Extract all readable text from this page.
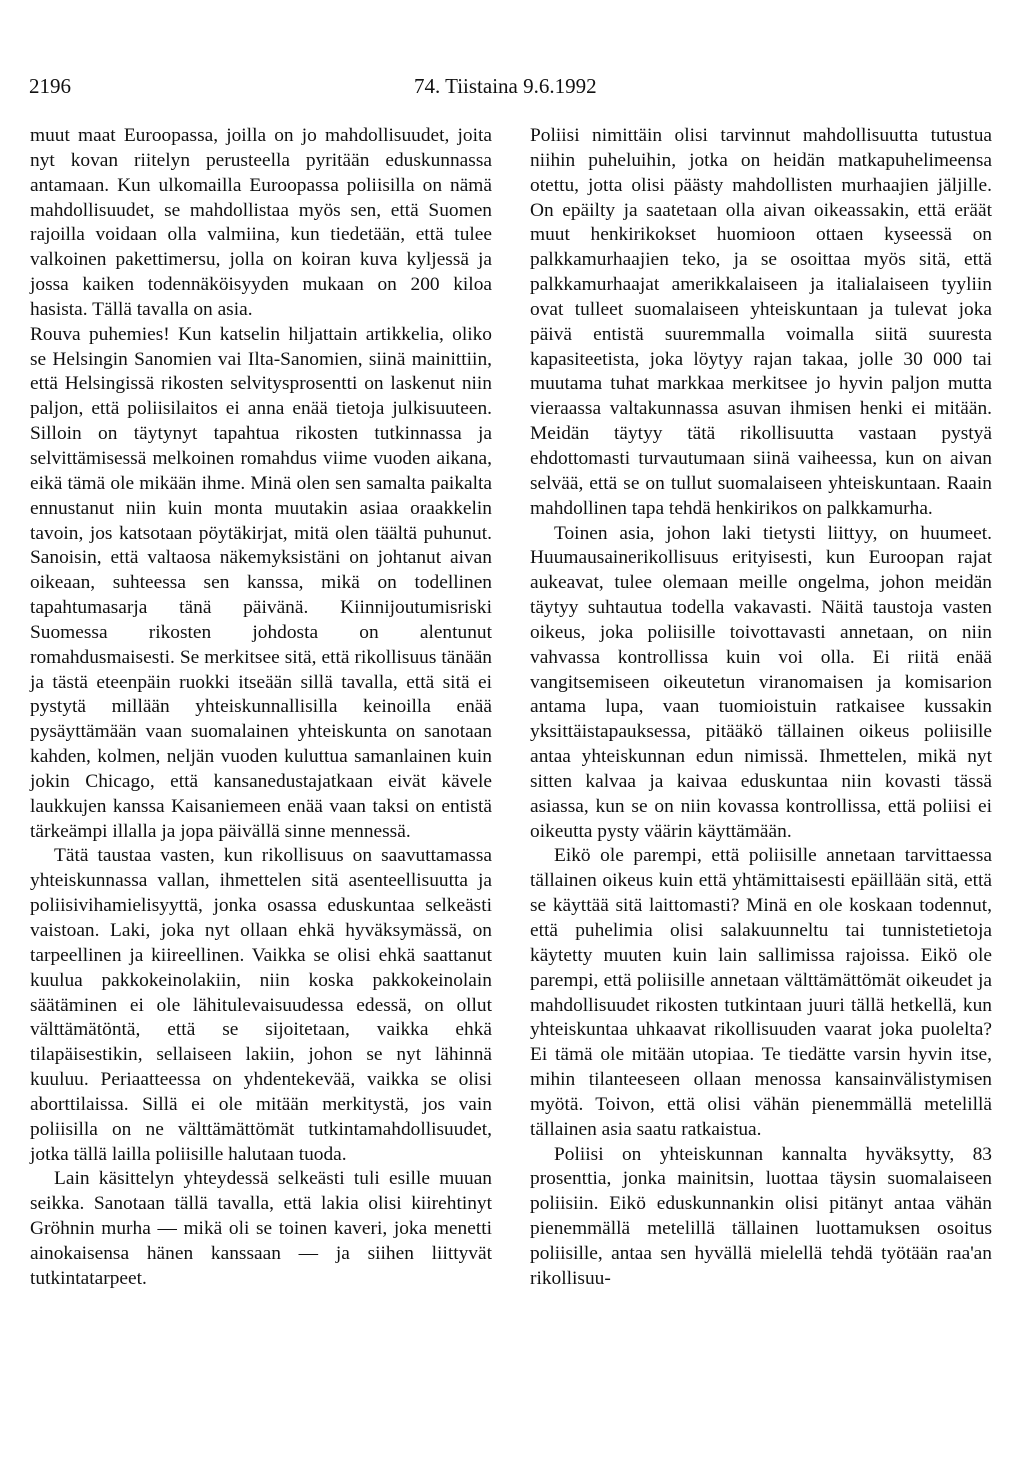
2196	74. Tiistaina 9.6.1992

muut maat Euroopassa, joilla on jo mahdollisuudet, joita nyt kovan riitelyn perusteella pyritään eduskunnassa antamaan. Kun ulkomailla Euroopassa poliisilla on nämä mahdollisuudet, se mahdollistaa myös sen, että Suomen rajoilla voidaan olla valmiina, kun tiedetään, että tulee valkoinen pakettimersu, jolla on koiran kuva kyljessä ja jossa kaiken todennäköisyyden mukaan on 200 kiloa hasista. Tällä tavalla on asia.

Rouva puhemies! Kun katselin hiljattain artikkelia, oliko se Helsingin Sanomien vai Ilta-Sanomien, siinä mainittiin, että Helsingissä rikosten selvitysprosentti on laskenut niin paljon, että poliisilaitos ei anna enää tietoja julkisuuteen. Silloin on täytynyt tapahtua rikosten tutkinnassa ja selvittämisessä melkoinen romahdus viime vuoden aikana, eikä tämä ole mikään ihme. Minä olen sen samalta paikalta ennustanut niin kuin monta muutakin asiaa oraakkelin tavoin, jos katsotaan pöytäkirjat, mitä olen täältä puhunut. Sanoisin, että valtaosa näkemyksistäni on johtanut aivan oikeaan, suhteessa sen kanssa, mikä on todellinen tapahtumasarja tänä päivänä. Kiinnijoutumisriski Suomessa rikosten johdosta on alentunut romahdusmaisesti. Se merkitsee sitä, että rikollisuus tänään ja tästä eteenpäin ruokki itseään sillä tavalla, että sitä ei pystytä millään yhteiskunnallisilla keinoilla enää pysäyttämään vaan suomalainen yhteiskunta on sanotaan kahden, kolmen, neljän vuoden kuluttua samanlainen kuin jokin Chicago, että kansanedustajatkaan eivät kävele laukkujen kanssa Kaisaniemeen enää vaan taksi on entistä tärkeämpi illalla ja jopa päivällä sinne mennessä.

Tätä taustaa vasten, kun rikollisuus on saavuttamassa yhteiskunnassa vallan, ihmettelen sitä asenteellisuutta ja poliisivihamielisyyttä, jonka osassa eduskuntaa selkeästi vaistoan. Laki, joka nyt ollaan ehkä hyväksymässä, on tarpeellinen ja kiireellinen. Vaikka se olisi ehkä saattanut kuulua pakkokeinolakiin, niin koska pakkokeinolain säätäminen ei ole lähitulevaisuudessa edessä, on ollut välttämätöntä, että se sijoitetaan, vaikka ehkä tilapäisestikin, sellaiseen lakiin, johon se nyt lähinnä kuuluu. Periaatteessa on yhdentekevää, vaikka se olisi aborttilaissa. Sillä ei ole mitään merkitystä, jos vain poliisilla on ne välttämättömät tutkintamahdollisuudet, jotka tällä lailla poliisille halutaan tuoda.

Lain käsittelyn yhteydessä selkeästi tuli esille muuan seikka. Sanotaan tällä tavalla, että lakia olisi kiirehtinyt Gröhnin murha — mikä oli se toinen kaveri, joka menetti ainokaisensa hänen kanssaan — ja siihen liittyvät tutkintatarpeet.

Poliisi nimittäin olisi tarvinnut mahdollisuutta tutustua niihin puheluihin, jotka on heidän matkapuhelimeensa otettu, jotta olisi päästy mahdollisten murhaajien jäljille. On epäilty ja saatetaan olla aivan oikeassakin, että eräät muut henkirikokset huomioon ottaen kyseessä on palkkamurhaajien teko, ja se osoittaa myös sitä, että palkkamurhaajat amerikkalaiseen ja italialaiseen tyyliin ovat tulleet suomalaiseen yhteiskuntaan ja tulevat joka päivä entistä suuremmalla voimalla siitä suuresta kapasiteetista, joka löytyy rajan takaa, jolle 30 000 tai muutama tuhat markkaa merkitsee jo hyvin paljon mutta vieraassa valtakunnassa asuvan ihmisen henki ei mitään. Meidän täytyy tätä rikollisuutta vastaan pystyä ehdottomasti turvautumaan siinä vaiheessa, kun on aivan selvää, että se on tullut suomalaiseen yhteiskuntaan. Raain mahdollinen tapa tehdä henkirikos on palkkamurha.

Toinen asia, johon laki tietysti liittyy, on huumeet. Huumausainerikollisuus erityisesti, kun Euroopan rajat aukeavat, tulee olemaan meille ongelma, johon meidän täytyy suhtautua todella vakavasti. Näitä taustoja vasten oikeus, joka poliisille toivottavasti annetaan, on niin vahvassa kontrollissa kuin voi olla. Ei riitä enää vangitsemiseen oikeutetun viranomaisen ja komisarion antama lupa, vaan tuomioistuin ratkaisee kussakin yksittäistapauksessa, pitääkö tällainen oikeus poliisille antaa yhteiskunnan edun nimissä. Ihmettelen, mikä nyt sitten kalvaa ja kaivaa eduskuntaa niin kovasti tässä asiassa, kun se on niin kovassa kontrollissa, että poliisi ei oikeutta pysty väärin käyttämään.

Eikö ole parempi, että poliisille annetaan tarvittaessa tällainen oikeus kuin että yhtämittaisesti epäillään sitä, että se käyttää sitä laittomasti? Minä en ole koskaan todennut, että puhelimia olisi salakuunneltu tai tunnistetietoja käytetty muuten kuin lain sallimissa rajoissa. Eikö ole parempi, että poliisille annetaan välttämättömät oikeudet ja mahdollisuudet rikosten tutkintaan juuri tällä hetkellä, kun yhteiskuntaa uhkaavat rikollisuuden vaarat joka puolelta? Ei tämä ole mitään utopiaa. Te tiedätte varsin hyvin itse, mihin tilanteeseen ollaan menossa kansainvälistymisen myötä. Toivon, että olisi vähän pienemmällä metelillä tällainen asia saatu ratkaistua.

Poliisi on yhteiskunnan kannalta hyväksytty, 83 prosenttia, jonka mainitsin, luottaa täysin suomalaiseen poliisiin. Eikö eduskunnankin olisi pitänyt antaa vähän pienemmällä metelillä tällainen luottamuksen osoitus poliisille, antaa sen hyvällä mielellä tehdä työtään raa'an rikollisuu-
